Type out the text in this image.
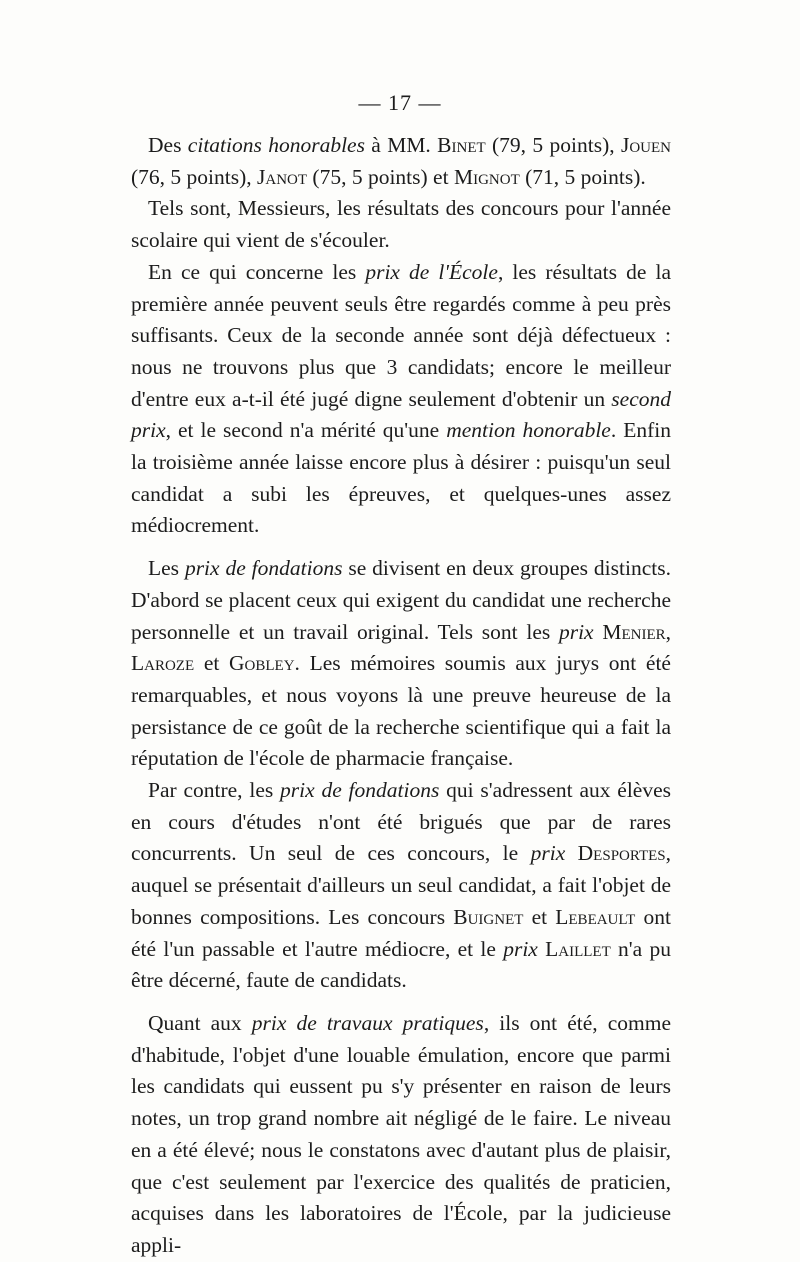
— 17 —

Des citations honorables à MM. Binet (79, 5 points), Jouen (76, 5 points), Janot (75, 5 points) et Mignot (71, 5 points).

Tels sont, Messieurs, les résultats des concours pour l'année scolaire qui vient de s'écouler.

En ce qui concerne les prix de l'École, les résultats de la première année peuvent seuls être regardés comme à peu près suffisants. Ceux de la seconde année sont déjà défectueux : nous ne trouvons plus que 3 candidats; encore le meilleur d'entre eux a-t-il été jugé digne seulement d'obtenir un second prix, et le second n'a mérité qu'une mention honorable. Enfin la troisième année laisse encore plus à désirer : puisqu'un seul candidat a subi les épreuves, et quelques-unes assez médiocrement.

Les prix de fondations se divisent en deux groupes distincts. D'abord se placent ceux qui exigent du candidat une recherche personnelle et un travail original. Tels sont les prix Menier, Laroze et Gobley. Les mémoires soumis aux jurys ont été remarquables, et nous voyons là une preuve heureuse de la persistance de ce goût de la recherche scientifique qui a fait la réputation de l'école de pharmacie française.

Par contre, les prix de fondations qui s'adressent aux élèves en cours d'études n'ont été brigués que par de rares concurrents. Un seul de ces concours, le prix Desportes, auquel se présentait d'ailleurs un seul candidat, a fait l'objet de bonnes compositions. Les concours Buignet et Lebeault ont été l'un passable et l'autre médiocre, et le prix Laillet n'a pu être décerné, faute de candidats.

Quant aux prix de travaux pratiques, ils ont été, comme d'habitude, l'objet d'une louable émulation, encore que parmi les candidats qui eussent pu s'y présenter en raison de leurs notes, un trop grand nombre ait négligé de le faire. Le niveau en a été élevé; nous le constatons avec d'autant plus de plaisir, que c'est seulement par l'exercice des qualités de praticien, acquises dans les laboratoires de l'École, par la judicieuse appli-
